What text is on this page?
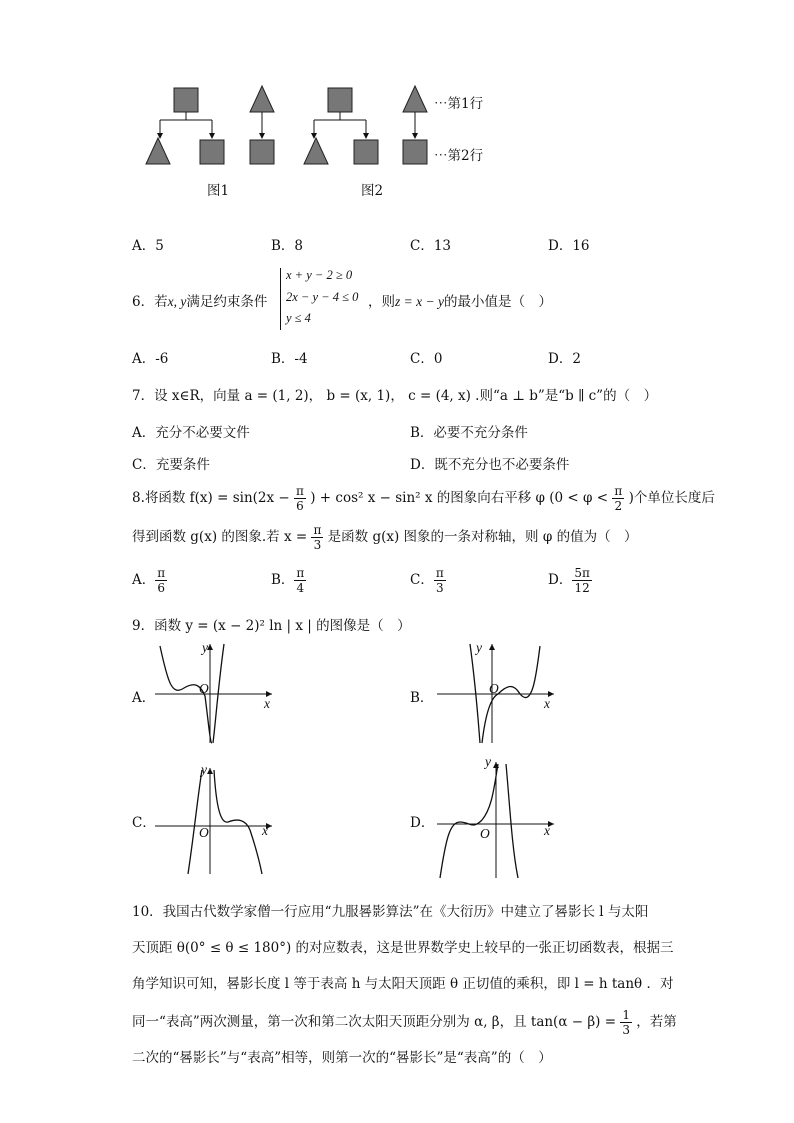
⋯第1行
⋯第2行
图1	图2
A．5	B．8	C．13	D．16
6．若x, y满足约束条件
x + y − 2 ≥ 0
2x − y − 4 ≤ 0
y ≤ 4
，则z = x − y的最小值是（　）
A．-6	B．-4	C．0	D．2
7．设 x∈R，向量 a = (1, 2)， b = (x, 1)， c = (4, x) .则“a ⊥ b”是“b ∥ c”的（　）
A．充分不必要文件	B．必要不充分条件
C．充要条件	D．既不充分也不必要条件
8.将函数 $f(x) = \sin(2x - \frac{\pi}{6}$ ) + cos² x − sin² x 的图象向右平移 φ ($0 < \varphi < \frac{\pi}{2}$ )个单位长度后
得到函数 g(x) 的图象.若 $x = \frac{\pi}{3}$ 是函数 g(x) 图象的一条对称轴，则 φ 的值为（　）
A． $\frac{\pi}{6}$	B． $\frac{\pi}{4}$	C． $\frac{\pi}{3}$	D． $\frac{5\pi}{12}$
9．函数 y = (x − 2)² ln | x | 的图像是（　）
A．	B．
C．	D．
y
x
O
y
x
O
y
x
O
y
x
O
10．我国古代数学家僧一行应用“九服晷影算法”在《大衍历》中建立了晷影长 l 与太阳
天顶距 θ(0° ≤ θ ≤ 180°) 的对应数表，这是世界数学史上较早的一张正切函数表，根据三
角学知识可知，晷影长度 l 等于表高 h 与太阳天顶距 θ 正切值的乘积，即 l = h tanθ ．对
同一“表高”两次测量，第一次和第二次太阳天顶距分别为 α, β，且 $\tan(\alpha - \beta) = \frac{1}{3}$ ，若第
二次的“晷影长”与“表高”相等，则第一次的“晷影长”是“表高”的（　）
